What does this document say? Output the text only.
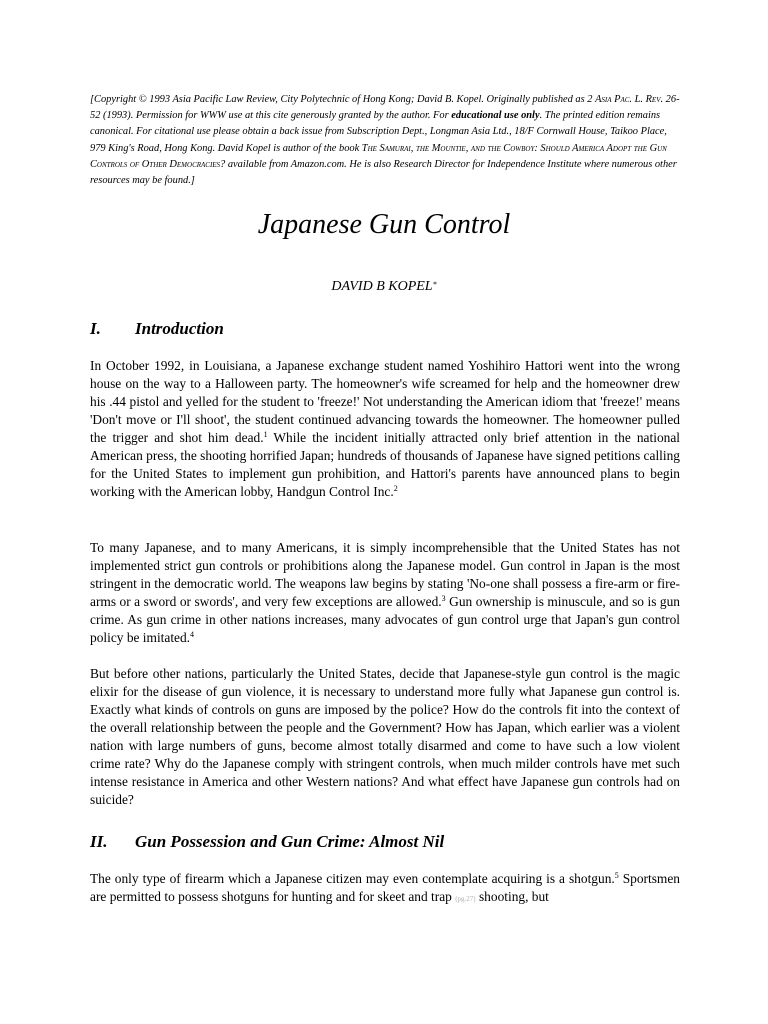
[Copyright © 1993 Asia Pacific Law Review, City Polytechnic of Hong Kong; David B. Kopel. Originally published as 2 Asia Pac. L. Rev. 26-52 (1993). Permission for WWW use at this cite generously granted by the author. For educational use only. The printed edition remains canonical. For citational use please obtain a back issue from Subscription Dept., Longman Asia Ltd., 18/F Cornwall House, Taikoo Place, 979 King's Road, Hong Kong. David Kopel is author of the book The Samurai, the Mountie, and the Cowboy: Should America Adopt the Gun Controls of Other Democracies? available from Amazon.com. He is also Research Director for Independence Institute where numerous other resources may be found.]
Japanese Gun Control
DAVID B KOPEL*
I. Introduction
In October 1992, in Louisiana, a Japanese exchange student named Yoshihiro Hattori went into the wrong house on the way to a Halloween party. The homeowner's wife screamed for help and the homeowner drew his .44 pistol and yelled for the student to 'freeze!' Not understanding the American idiom that 'freeze!' means 'Don't move or I'll shoot', the student continued advancing towards the homeowner. The homeowner pulled the trigger and shot him dead.$^1$ While the incident initially attracted only brief attention in the national American press, the shooting horrified Japan; hundreds of thousands of Japanese have signed petitions calling for the United States to implement gun prohibition, and Hattori's parents have announced plans to begin working with the American lobby, Handgun Control Inc.$^2$
To many Japanese, and to many Americans, it is simply incomprehensible that the United States has not implemented strict gun controls or prohibitions along the Japanese model. Gun control in Japan is the most stringent in the democratic world. The weapons law begins by stating 'No-one shall possess a fire-arm or fire-arms or a sword or swords', and very few exceptions are allowed.$^3$ Gun ownership is minuscule, and so is gun crime. As gun crime in other nations increases, many advocates of gun control urge that Japan's gun control policy be imitated.$^4$
But before other nations, particularly the United States, decide that Japanese-style gun control is the magic elixir for the disease of gun violence, it is necessary to understand more fully what Japanese gun control is. Exactly what kinds of controls on guns are imposed by the police? How do the controls fit into the context of the overall relationship between the people and the Government? How has Japan, which earlier was a violent nation with large numbers of guns, become almost totally disarmed and come to have such a low violent crime rate? Why do the Japanese comply with stringent controls, when much milder controls have met such intense resistance in America and other Western nations? And what effect have Japanese gun controls had on suicide?
II. Gun Possession and Gun Crime: Almost Nil
The only type of firearm which a Japanese citizen may even contemplate acquiring is a shotgun.$^5$ Sportsmen are permitted to possess shotguns for hunting and for skeet and trap (pg.27) shooting, but
